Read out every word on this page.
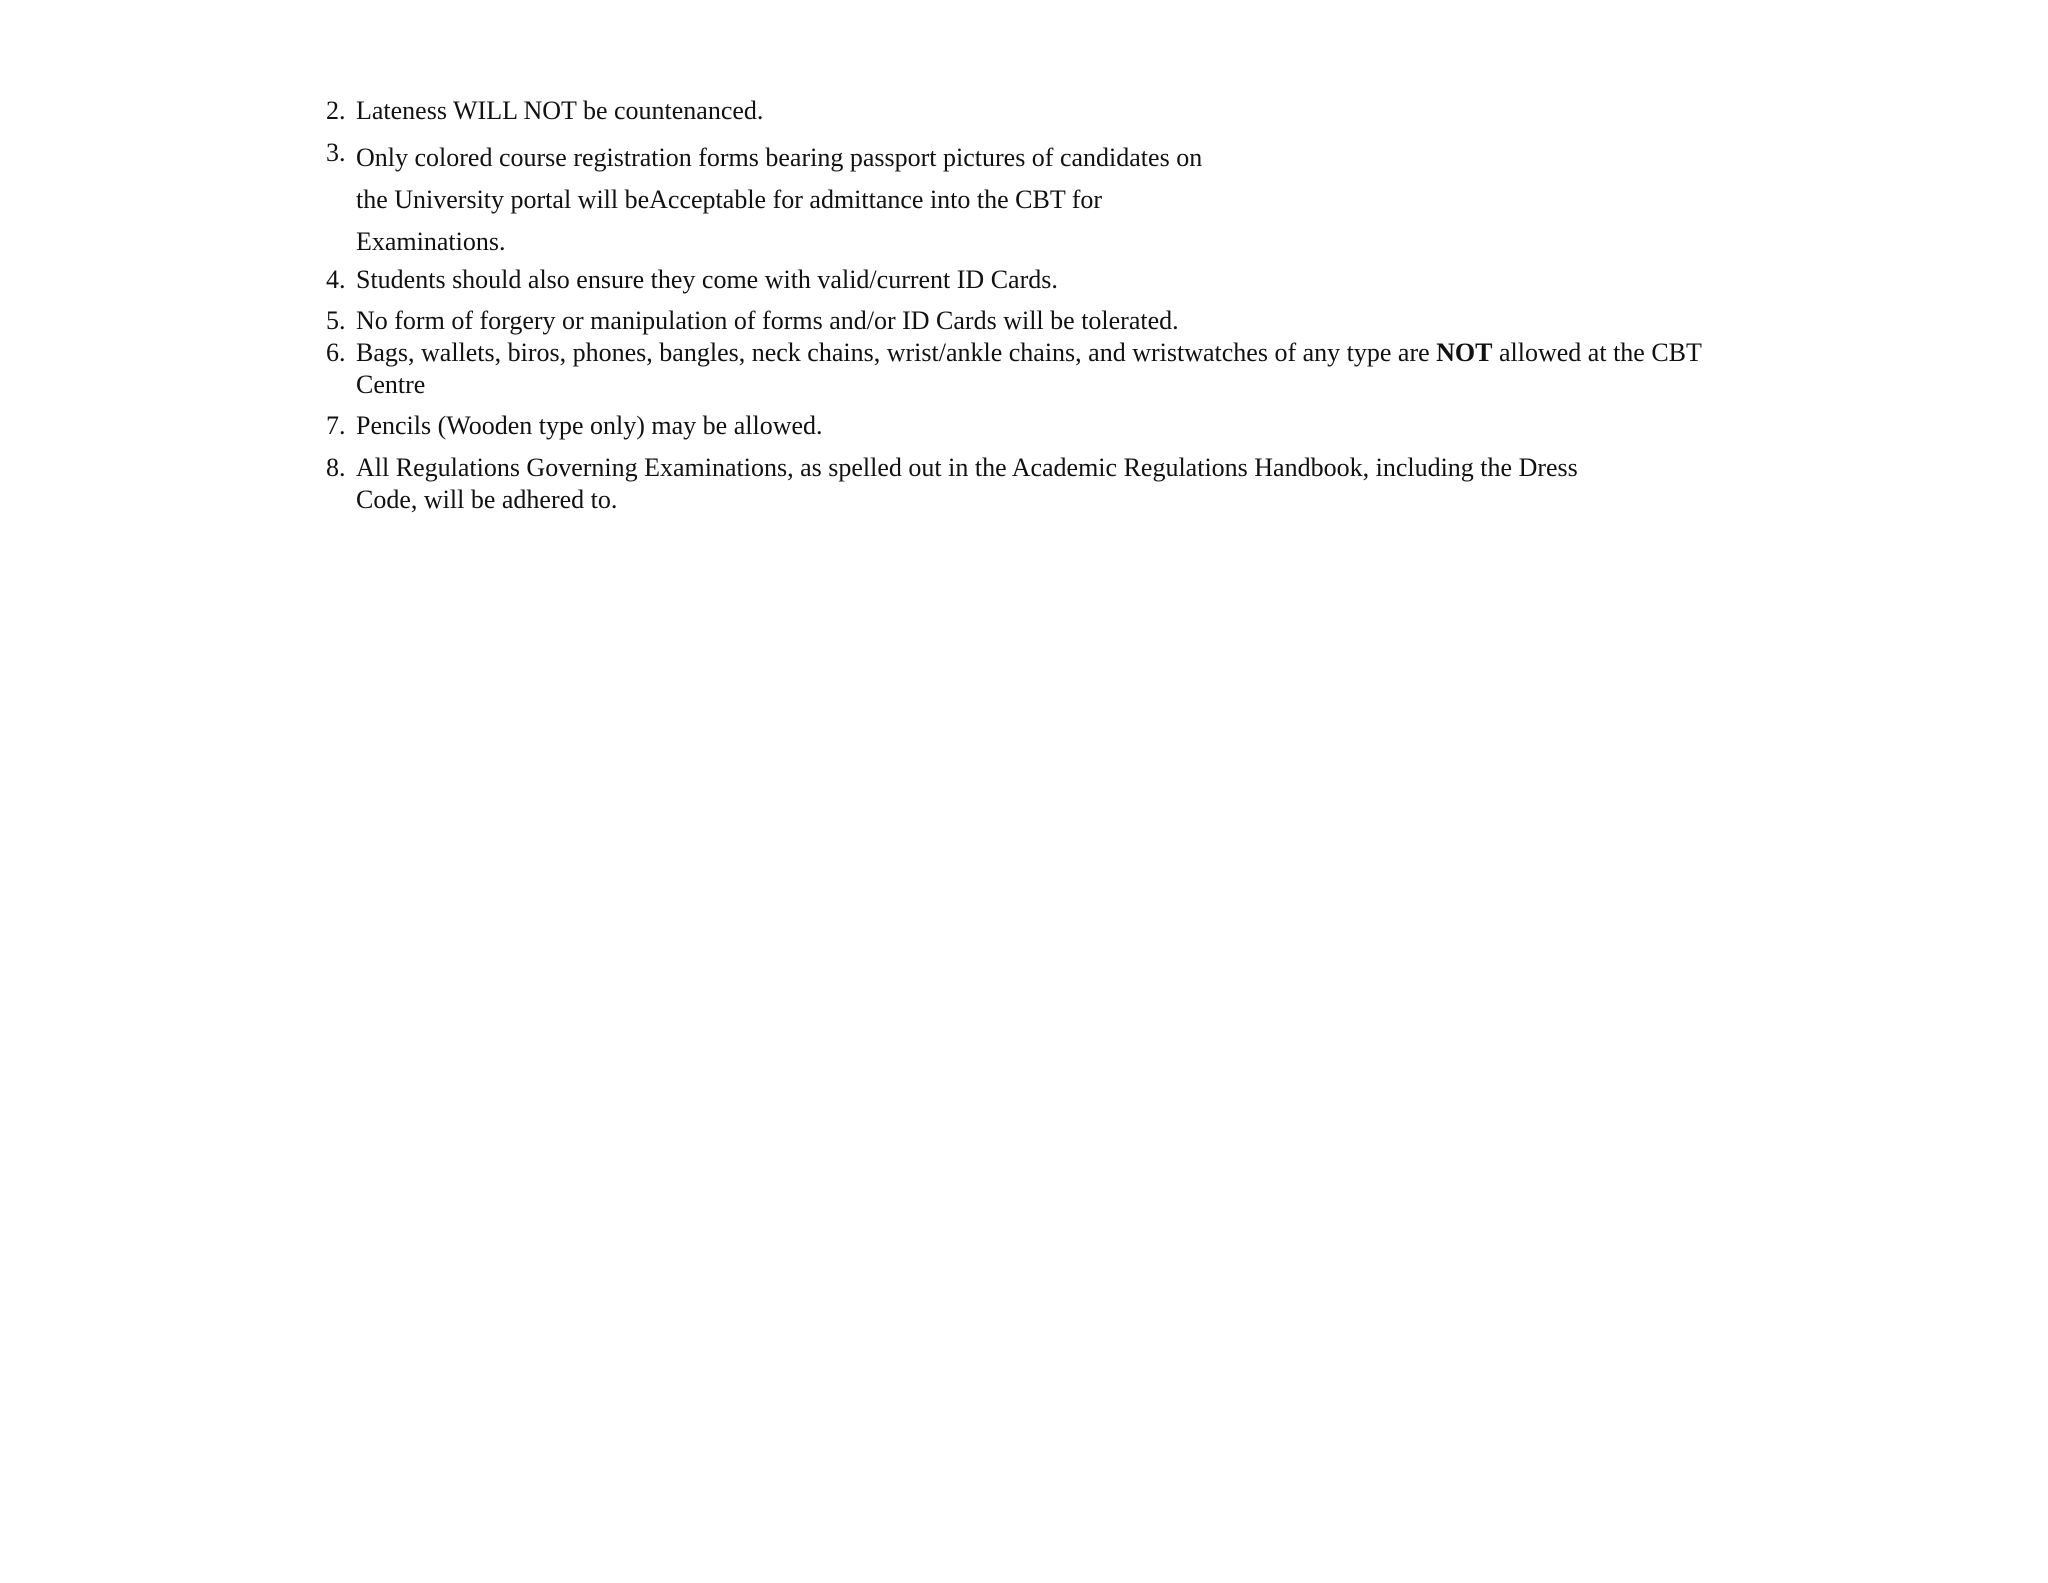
2. Lateness WILL NOT be countenanced.
3. Only colored course registration forms bearing passport pictures of candidates on
the University portal will beAcceptable for admittance into the CBT for
Examinations.
4. Students should also ensure they come with valid/current ID Cards.
5. No form of forgery or manipulation of forms and/or ID Cards will be tolerated.
6. Bags, wallets, biros, phones, bangles, neck chains, wrist/ankle chains, and wristwatches of any type are NOT allowed at the CBT
Centre
7. Pencils (Wooden type only) may be allowed.
8. All Regulations Governing Examinations, as spelled out in the Academic Regulations Handbook, including the Dress
Code, will be adhered to.
